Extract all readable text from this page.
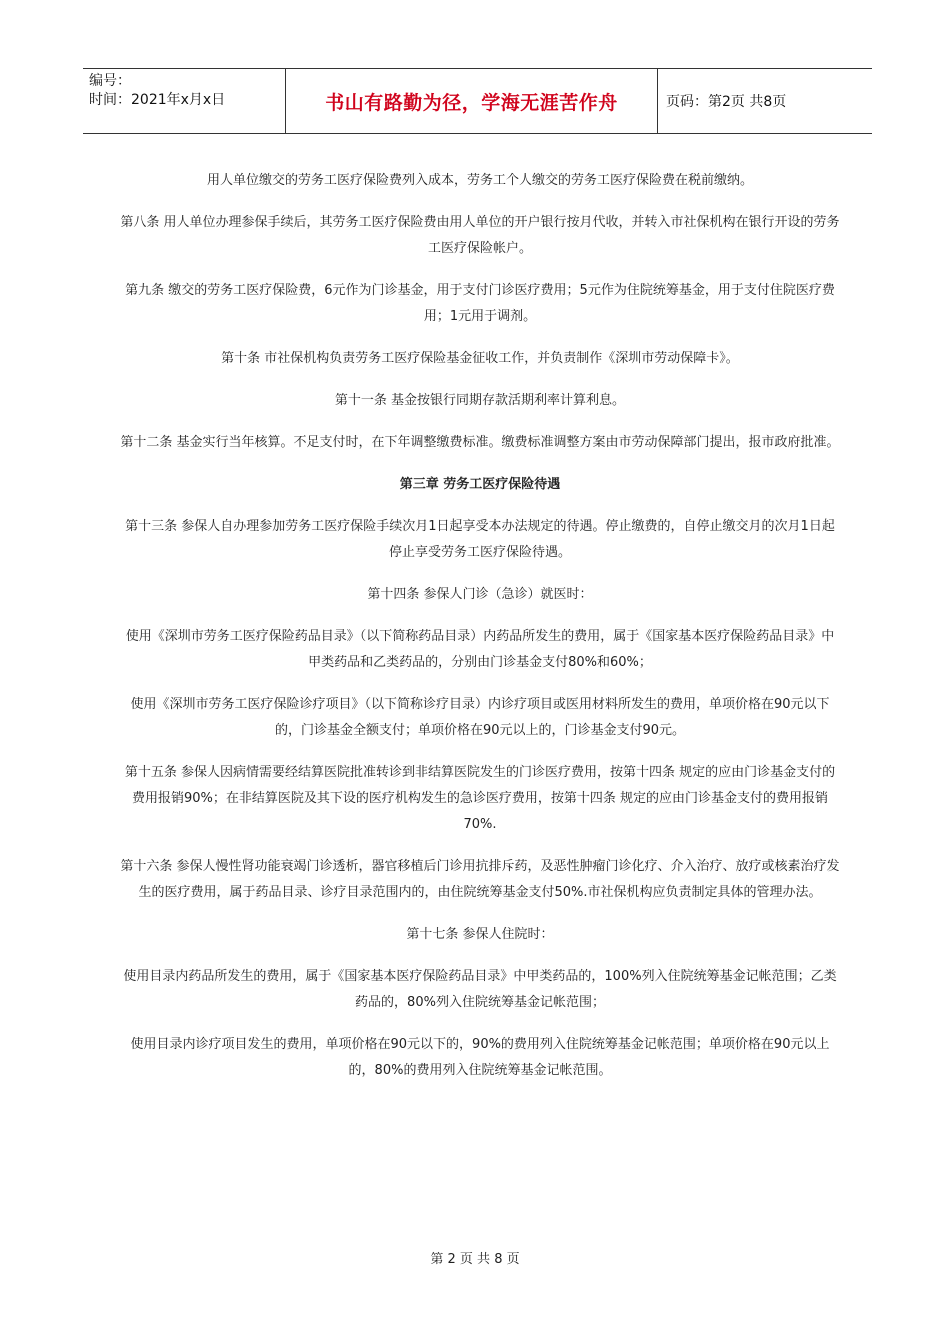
编号：
时间：2021年x月x日	书山有路勤为径，学海无涯苦作舟	页码：第2页 共8页

用人单位缴交的劳务工医疗保险费列入成本，劳务工个人缴交的劳务工医疗保险费在税前缴纳。

第八条 用人单位办理参保手续后，其劳务工医疗保险费由用人单位的开户银行按月代收，并转入市社保机构在银行开设的劳务工医疗保险帐户。

第九条 缴交的劳务工医疗保险费，6元作为门诊基金，用于支付门诊医疗费用；5元作为住院统筹基金，用于支付住院医疗费用；1元用于调剂。

第十条 市社保机构负责劳务工医疗保险基金征收工作，并负责制作《深圳市劳动保障卡》。

第十一条 基金按银行同期存款活期利率计算利息。

第十二条 基金实行当年核算。不足支付时，在下年调整缴费标准。缴费标准调整方案由市劳动保障部门提出，报市政府批准。

第三章 劳务工医疗保险待遇

第十三条 参保人自办理参加劳务工医疗保险手续次月1日起享受本办法规定的待遇。停止缴费的，自停止缴交月的次月1日起停止享受劳务工医疗保险待遇。

第十四条 参保人门诊（急诊）就医时：

使用《深圳市劳务工医疗保险药品目录》（以下简称药品目录）内药品所发生的费用，属于《国家基本医疗保险药品目录》中甲类药品和乙类药品的，分别由门诊基金支付80%和60%；

使用《深圳市劳务工医疗保险诊疗项目》（以下简称诊疗目录）内诊疗项目或医用材料所发生的费用，单项价格在90元以下的，门诊基金全额支付；单项价格在90元以上的，门诊基金支付90元。

第十五条 参保人因病情需要经结算医院批准转诊到非结算医院发生的门诊医疗费用，按第十四条 规定的应由门诊基金支付的费用报销90%；在非结算医院及其下设的医疗机构发生的急诊医疗费用，按第十四条 规定的应由门诊基金支付的费用报销70%.

第十六条 参保人慢性肾功能衰竭门诊透析，器官移植后门诊用抗排斥药，及恶性肿瘤门诊化疗、介入治疗、放疗或核素治疗发生的医疗费用，属于药品目录、诊疗目录范围内的，由住院统筹基金支付50%.市社保机构应负责制定具体的管理办法。

第十七条 参保人住院时：

使用目录内药品所发生的费用，属于《国家基本医疗保险药品目录》中甲类药品的，100%列入住院统筹基金记帐范围；乙类药品的，80%列入住院统筹基金记帐范围；

使用目录内诊疗项目发生的费用，单项价格在90元以下的，90%的费用列入住院统筹基金记帐范围；单项价格在90元以上的，80%的费用列入住院统筹基金记帐范围。

第 2 页 共 8 页
